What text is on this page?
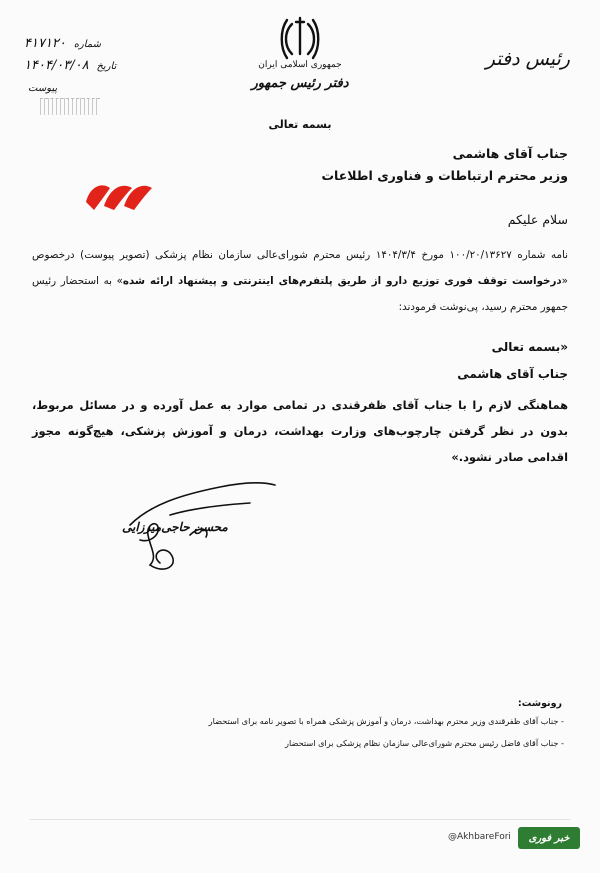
جمهوری اسلامی ایران
دفتر رئیس جمهور
رئیس دفتر
شماره ۴۱۷۱۲۰
تاریخ ۱۴۰۴/۰۳/۰۸
پیوست
بسمه تعالی
جناب آقای هاشمی
وزیر محترم ارتباطات و فناوری اطلاعات
سلام علیکم
نامه شماره ۱۰۰/۲۰/۱۳۶۲۷ مورخ ۱۴۰۴/۳/۴ رئیس محترم شورای‌عالی سازمان نظام پزشکی (تصویر پیوست) درخصوص «درخواست توقف فوری توزیع دارو از طریق پلتفرم‌های اینترنتی و پیشنهاد ارائه شده» به استحضار رئیس جمهور محترم رسید، پی‌نوشت فرمودند:
«بسمه تعالی
جناب آقای هاشمی
هماهنگی لازم را با جناب آقای ظفرقندی در تمامی موارد به عمل آورده و در مسائل مربوط، بدون در نظر گرفتن چارچوب‌های وزارت بهداشت، درمان و آموزش پزشکی، هیچ‌گونه مجوز اقدامی صادر نشود.»
محسن حاجی‌میرزایی
رونوشت:
- جناب آقای ظفرقندی وزیر محترم بهداشت، درمان و آموزش پزشکی همراه با تصویر نامه برای استحضار
- جناب آقای فاضل رئیس محترم شورای‌عالی سازمان نظام پزشکی برای استحضار
@AkhbareFori	خبر فوری
